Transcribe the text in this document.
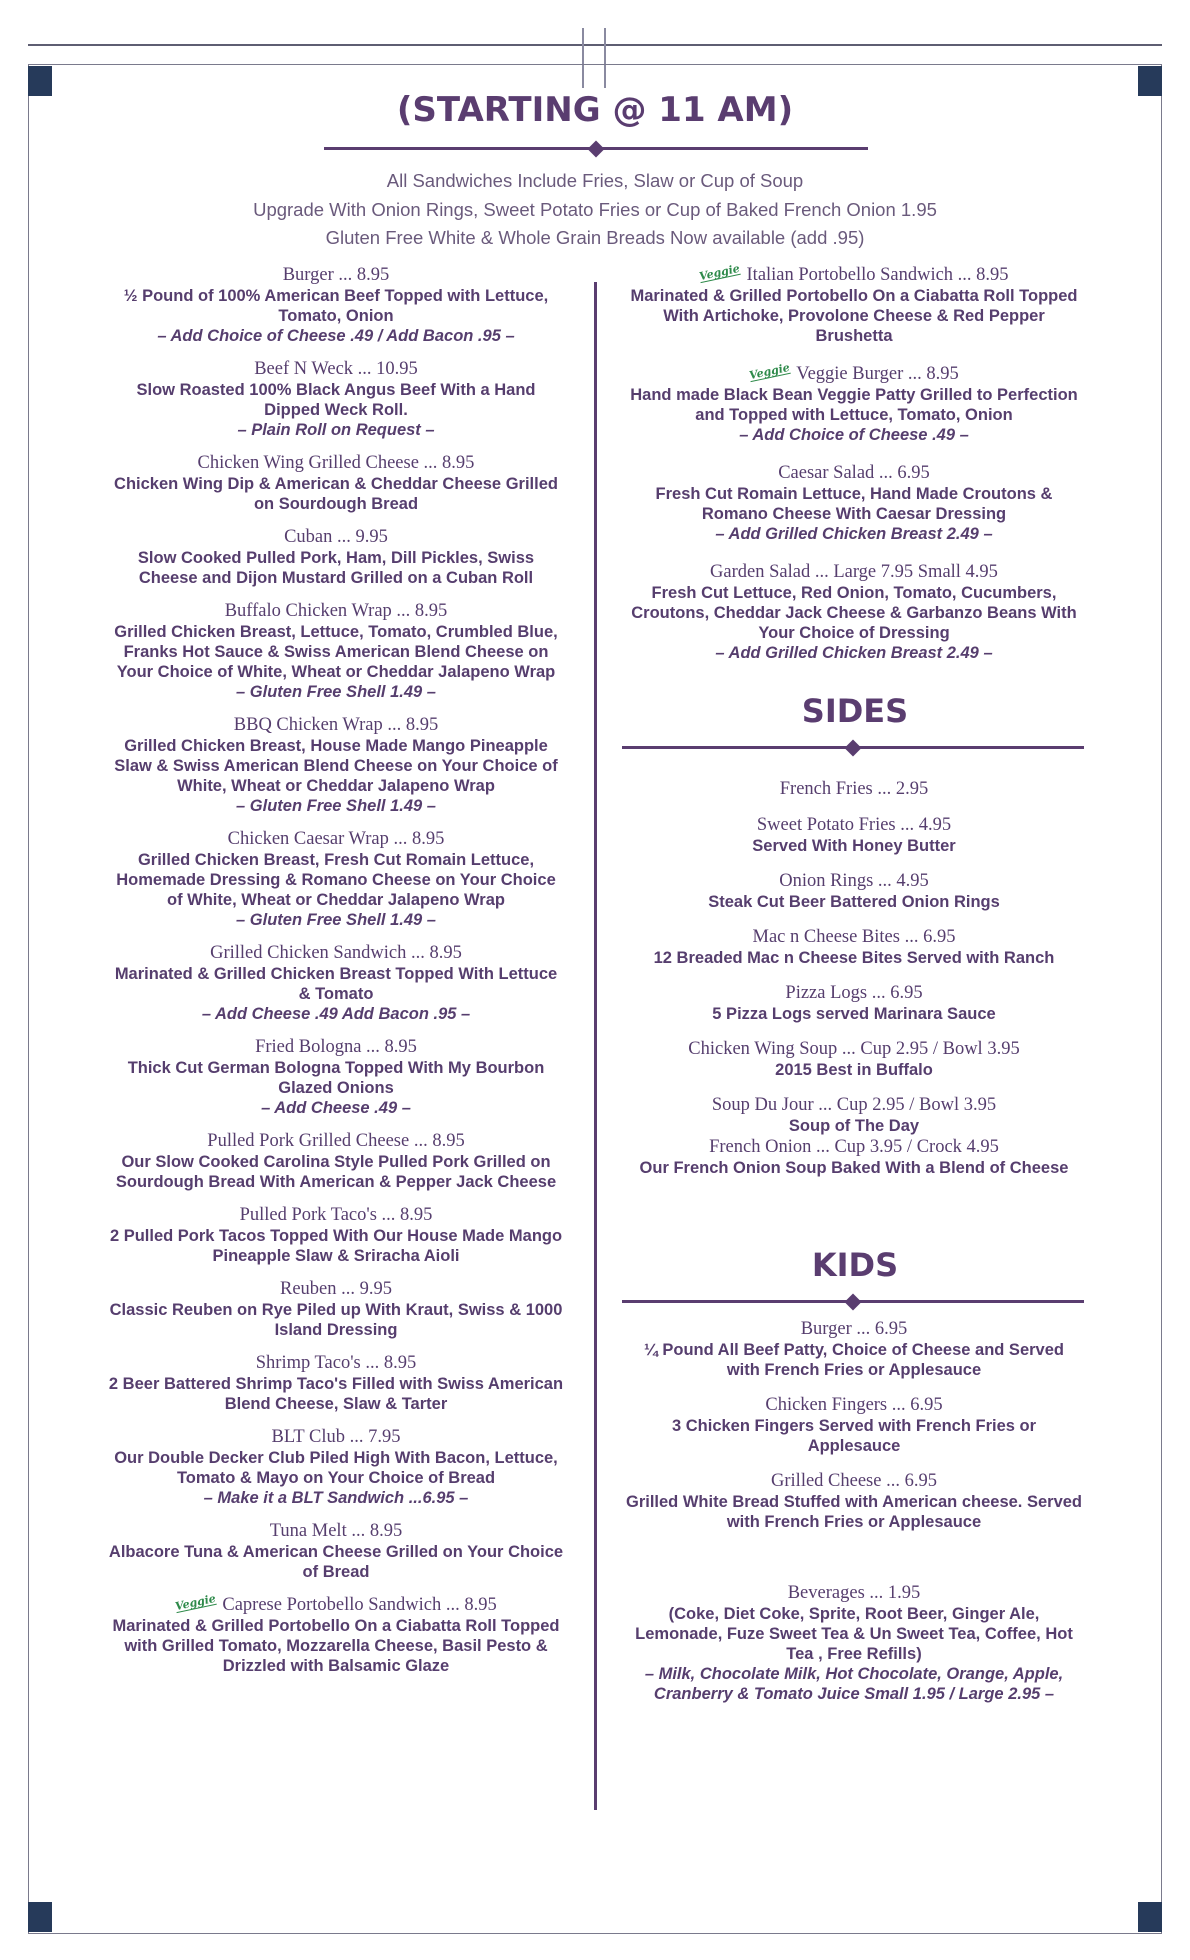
(STARTING @ 11 AM)
All Sandwiches Include Fries, Slaw or Cup of Soup
Upgrade With Onion Rings, Sweet Potato Fries or Cup of Baked French Onion 1.95
Gluten Free White & Whole Grain Breads Now available (add .95)
Burger ... 8.95
½ Pound of 100% American Beef Topped with Lettuce, Tomato, Onion
– Add Choice of Cheese .49 / Add Bacon .95 –
Beef N Weck ... 10.95
Slow Roasted 100% Black Angus Beef With a Hand Dipped Weck Roll.
– Plain Roll on Request –
Chicken Wing Grilled Cheese ... 8.95
Chicken Wing Dip & American & Cheddar Cheese Grilled on Sourdough Bread
Cuban ... 9.95
Slow Cooked Pulled Pork, Ham, Dill Pickles, Swiss Cheese and Dijon Mustard Grilled on a Cuban Roll
Buffalo Chicken Wrap ... 8.95
Grilled Chicken Breast, Lettuce, Tomato, Crumbled Blue, Franks Hot Sauce & Swiss American Blend Cheese on Your Choice of White, Wheat or Cheddar Jalapeno Wrap
– Gluten Free Shell 1.49 –
BBQ Chicken Wrap ... 8.95
Grilled Chicken Breast, House Made Mango Pineapple Slaw & Swiss American Blend Cheese on Your Choice of White, Wheat or Cheddar Jalapeno Wrap
– Gluten Free Shell 1.49 –
Chicken Caesar Wrap ... 8.95
Grilled Chicken Breast, Fresh Cut Romain Lettuce, Homemade Dressing & Romano Cheese on Your Choice of White, Wheat or Cheddar Jalapeno Wrap
– Gluten Free Shell 1.49 –
Grilled Chicken Sandwich ... 8.95
Marinated & Grilled Chicken Breast Topped With Lettuce & Tomato
– Add Cheese .49 Add Bacon .95 –
Fried Bologna ... 8.95
Thick Cut German Bologna Topped With My Bourbon Glazed Onions
– Add Cheese .49 –
Pulled Pork Grilled Cheese ... 8.95
Our Slow Cooked Carolina Style Pulled Pork Grilled on Sourdough Bread With American & Pepper Jack Cheese
Pulled Pork Taco's ... 8.95
2 Pulled Pork Tacos Topped With Our House Made Mango Pineapple Slaw & Sriracha Aioli
Reuben ... 9.95
Classic Reuben on Rye Piled up With Kraut, Swiss & 1000 Island Dressing
Shrimp Taco's ... 8.95
2 Beer Battered Shrimp Taco's Filled with Swiss American Blend Cheese, Slaw & Tarter
BLT Club ... 7.95
Our Double Decker Club Piled High With Bacon, Lettuce, Tomato & Mayo on Your Choice of Bread
– Make it a BLT Sandwich ...6.95 –
Tuna Melt ... 8.95
Albacore Tuna & American Cheese Grilled on Your Choice of Bread
Veggie Caprese Portobello Sandwich ... 8.95
Marinated & Grilled Portobello On a Ciabatta Roll Topped with Grilled Tomato, Mozzarella Cheese, Basil Pesto & Drizzled with Balsamic Glaze
Veggie Italian Portobello Sandwich ... 8.95
Marinated & Grilled Portobello On a Ciabatta Roll Topped With Artichoke, Provolone Cheese & Red Pepper Brushetta
Veggie Veggie Burger ... 8.95
Hand made Black Bean Veggie Patty Grilled to Perfection and Topped with Lettuce, Tomato, Onion
– Add Choice of Cheese .49 –
Caesar Salad ... 6.95
Fresh Cut Romain Lettuce, Hand Made Croutons & Romano Cheese With Caesar Dressing
– Add Grilled Chicken Breast 2.49 –
Garden Salad ... Large 7.95 Small 4.95
Fresh Cut Lettuce, Red Onion, Tomato, Cucumbers, Croutons, Cheddar Jack Cheese & Garbanzo Beans With Your Choice of Dressing
– Add Grilled Chicken Breast 2.49 –
SIDES
French Fries ... 2.95
Sweet Potato Fries ... 4.95
Served With Honey Butter
Onion Rings ... 4.95
Steak Cut Beer Battered Onion Rings
Mac n Cheese Bites ... 6.95
12 Breaded Mac n Cheese Bites Served with Ranch
Pizza Logs ... 6.95
5 Pizza Logs served Marinara Sauce
Chicken Wing Soup ... Cup 2.95 / Bowl 3.95
2015 Best in Buffalo
Soup Du Jour ... Cup 2.95 / Bowl 3.95
Soup of The Day
French Onion ... Cup 3.95 / Crock 4.95
Our French Onion Soup Baked With a Blend of Cheese
KIDS
Burger ... 6.95
¼ Pound All Beef Patty, Choice of Cheese and Served with French Fries or Applesauce
Chicken Fingers ... 6.95
3 Chicken Fingers Served with French Fries or Applesauce
Grilled Cheese ... 6.95
Grilled White Bread Stuffed with American cheese. Served with French Fries or Applesauce
Beverages ... 1.95
(Coke, Diet Coke, Sprite, Root Beer, Ginger Ale, Lemonade, Fuze Sweet Tea & Un Sweet Tea, Coffee, Hot Tea , Free Refills)
– Milk, Chocolate Milk, Hot Chocolate, Orange, Apple, Cranberry & Tomato Juice Small 1.95 / Large 2.95 –
